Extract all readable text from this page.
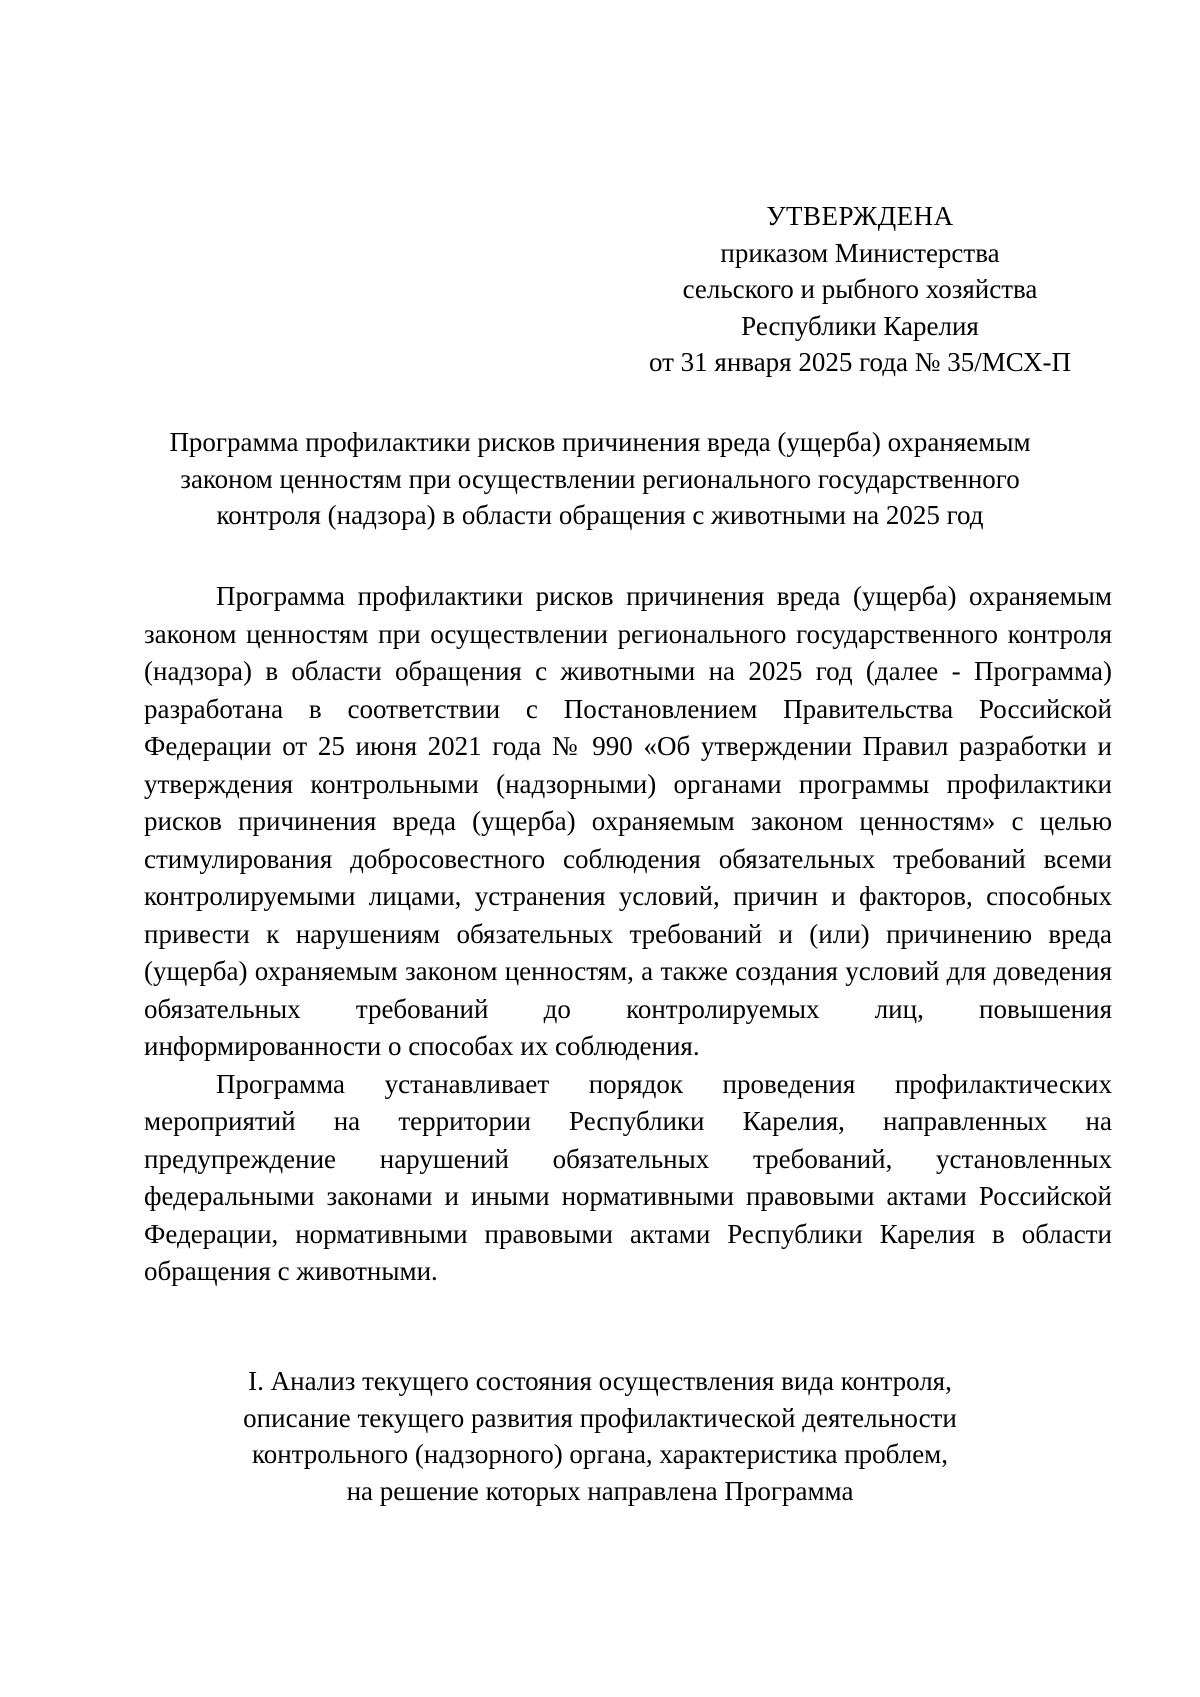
УТВЕРЖДЕНА
приказом Министерства
сельского и рыбного хозяйства
Республики Карелия
от 31 января 2025 года № 35/МСХ-П
Программа профилактики рисков причинения вреда (ущерба) охраняемым
законом ценностям при осуществлении регионального государственного
контроля (надзора) в области обращения с животными на 2025 год

Программа профилактики рисков причинения вреда (ущерба) охраняемым законом ценностям при осуществлении регионального государственного контроля (надзора) в области обращения с животными на 2025 год (далее - Программа) разработана в соответствии с Постановлением Правительства Российской Федерации от 25 июня 2021 года № 990 «Об утверждении Правил разработки и утверждения контрольными (надзорными) органами программы профилактики рисков причинения вреда (ущерба) охраняемым законом ценностям» с целью стимулирования добросовестного соблюдения обязательных требований всеми контролируемыми лицами, устранения условий, причин и факторов, способных привести к нарушениям обязательных требований и (или) причинению вреда (ущерба) охраняемым законом ценностям, а также создания условий для доведения обязательных требований до контролируемых лиц, повышения информированности о способах их соблюдения.

Программа устанавливает порядок проведения профилактических мероприятий на территории Республики Карелия, направленных на предупреждение нарушений обязательных требований, установленных федеральными законами и иными нормативными правовыми актами Российской Федерации, нормативными правовыми актами Республики Карелия в области обращения с животными.

I. Анализ текущего состояния осуществления вида контроля,
описание текущего развития профилактической деятельности
контрольного (надзорного) органа, характеристика проблем,
на решение которых направлена Программа
